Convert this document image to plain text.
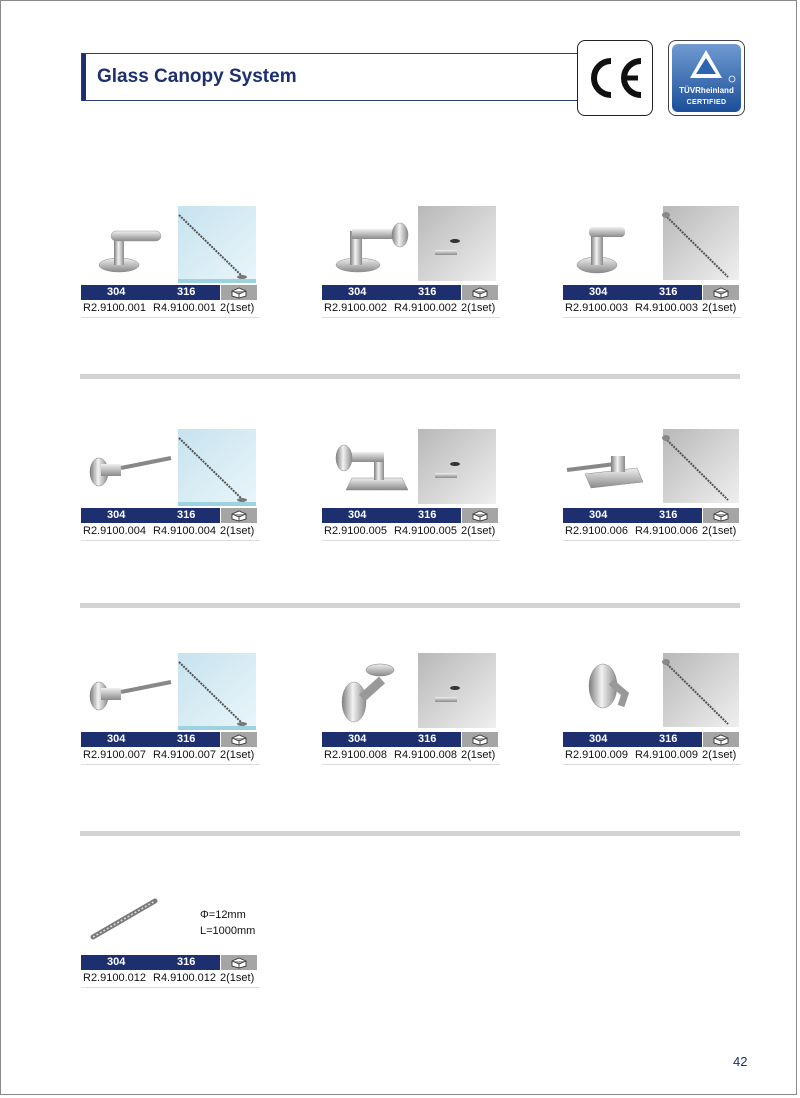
Glass Canopy System
TÜVRheinland
CERTIFIED
304	316
R2.9100.001 R4.9100.001 2(1set)
304	316
R2.9100.002 R4.9100.002 2(1set)
304	316
R2.9100.003 R4.9100.003 2(1set)
304	316
R2.9100.004 R4.9100.004 2(1set)
304	316
R2.9100.005 R4.9100.005 2(1set)
304	316
R2.9100.006 R4.9100.006 2(1set)
304	316
R2.9100.007 R4.9100.007 2(1set)
304	316
R2.9100.008 R4.9100.008 2(1set)
304	316
R2.9100.009 R4.9100.009 2(1set)
304	316
R2.9100.012 R4.9100.012 2(1set)
Φ=12mm
L=1000mm
42
